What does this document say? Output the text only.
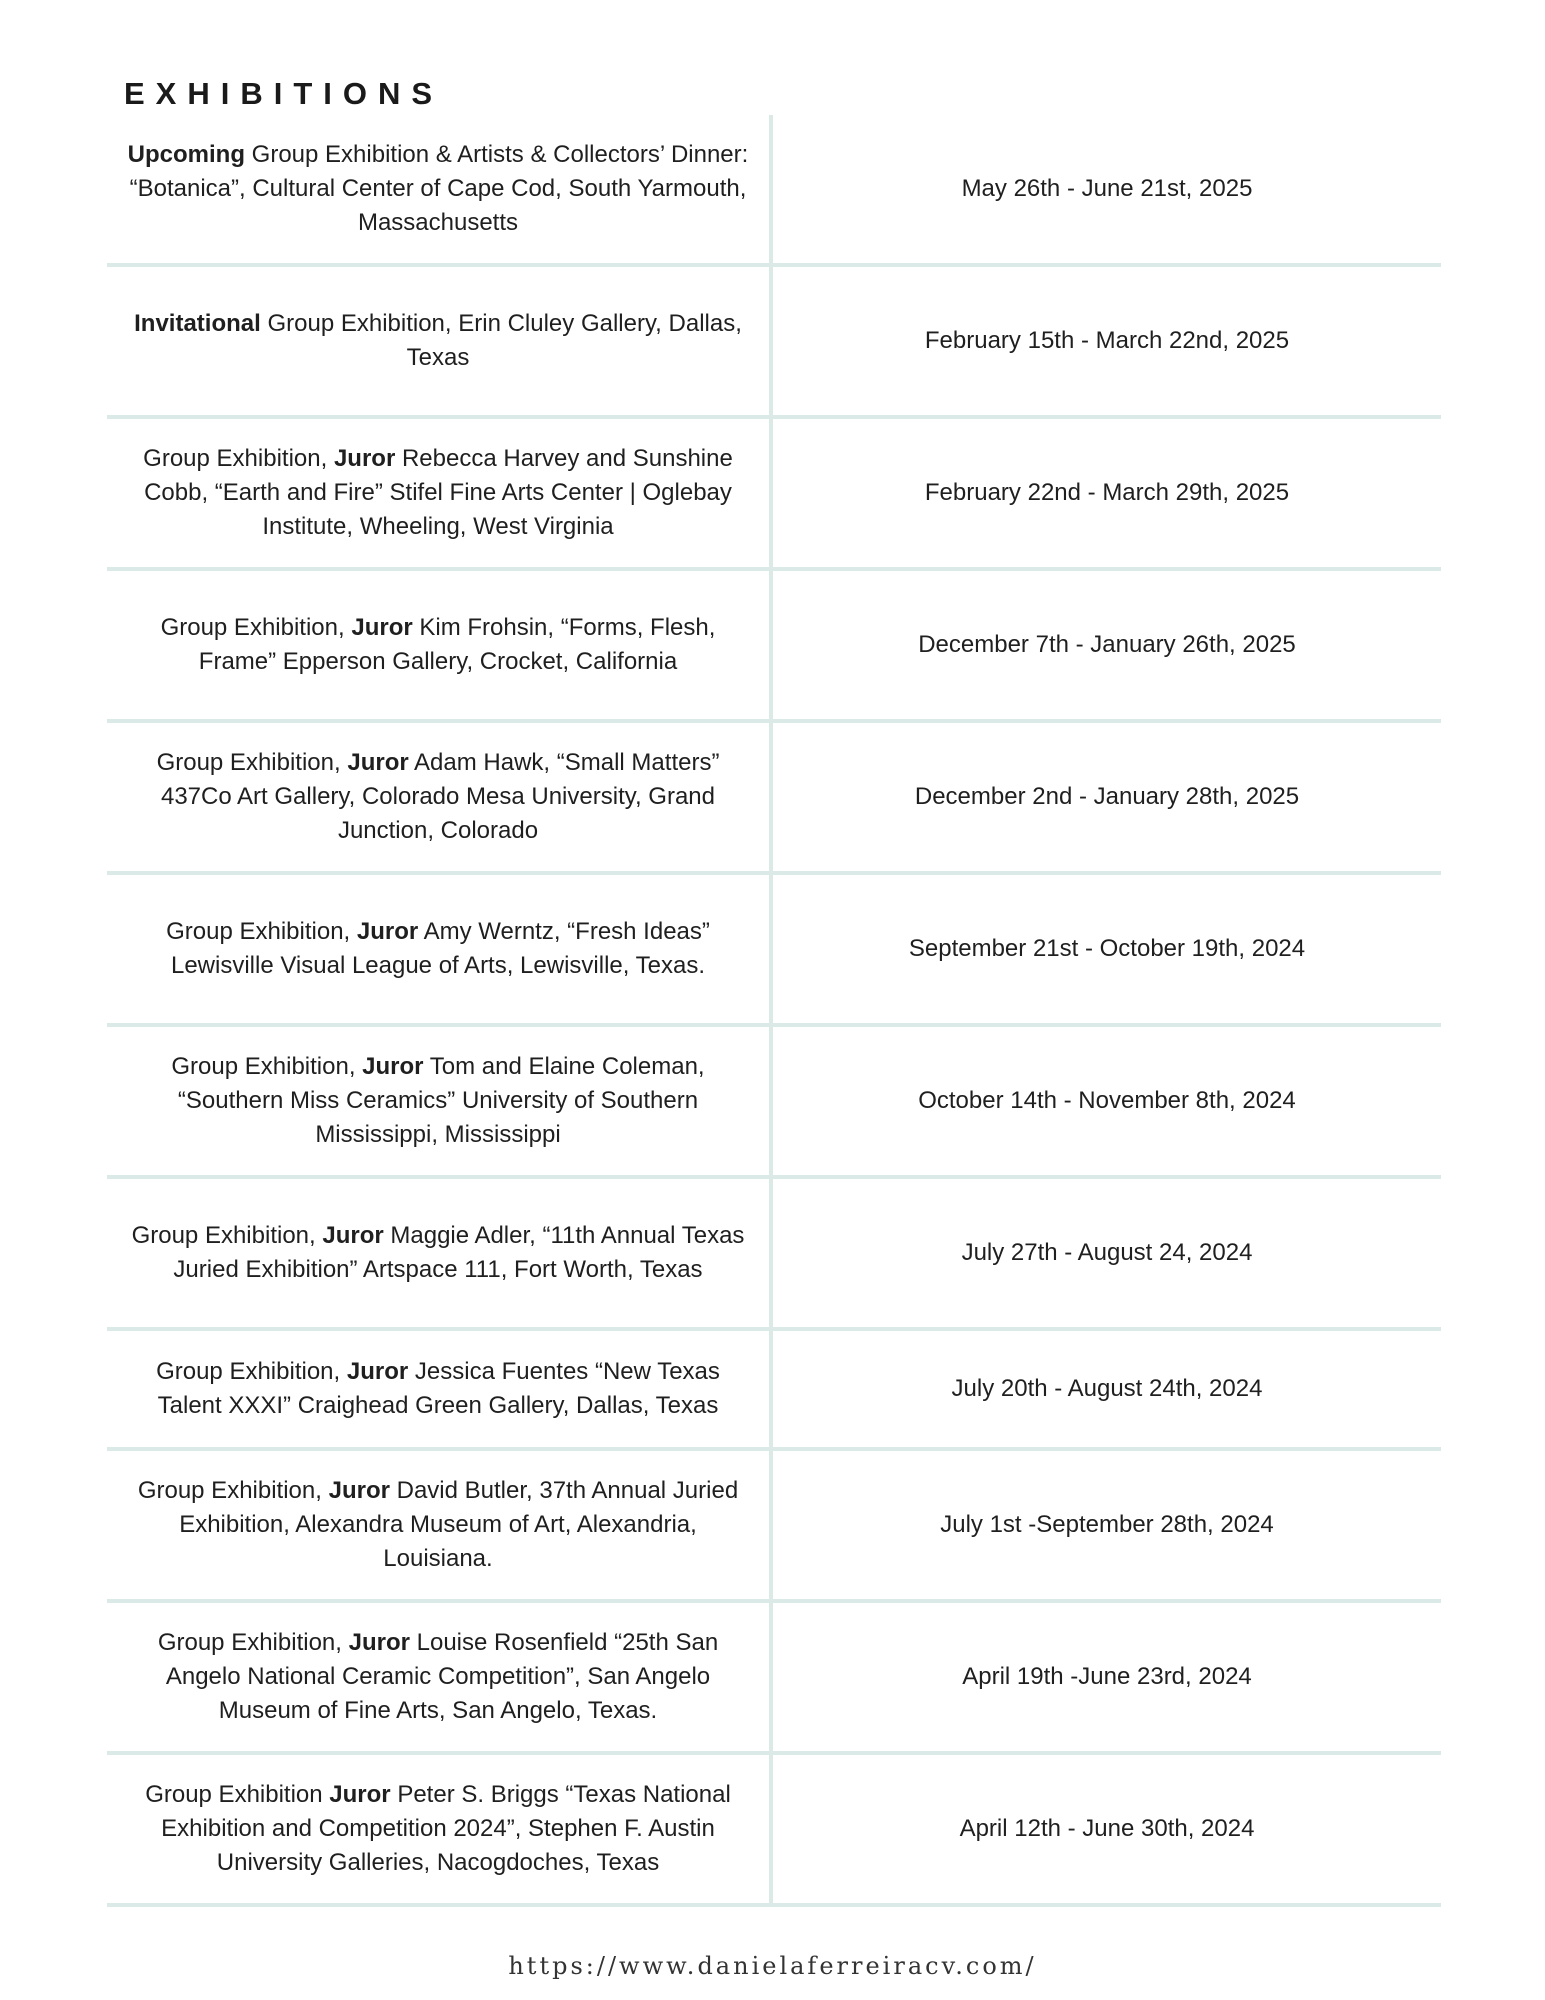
EXHIBITIONS
Upcoming Group Exhibition & Artists & Collectors’ Dinner: “Botanica”, Cultural Center of Cape Cod, South Yarmouth, Massachusetts
May 26th - June 21st, 2025
Invitational Group Exhibition, Erin Cluley Gallery, Dallas, Texas
February 15th - March 22nd, 2025
Group Exhibition, Juror Rebecca Harvey and Sunshine Cobb, “Earth and Fire” Stifel Fine Arts Center | Oglebay Institute, Wheeling, West Virginia
February 22nd - March 29th, 2025
Group Exhibition, Juror Kim Frohsin, “Forms, Flesh, Frame” Epperson Gallery, Crocket, California
December 7th - January 26th, 2025
Group Exhibition, Juror Adam Hawk, “Small Matters” 437Co Art Gallery, Colorado Mesa University, Grand Junction, Colorado
December 2nd - January 28th, 2025
Group Exhibition, Juror Amy Werntz, “Fresh Ideas” Lewisville Visual League of Arts, Lewisville, Texas.
September 21st - October 19th, 2024
Group Exhibition, Juror Tom and Elaine Coleman, “Southern Miss Ceramics” University of Southern Mississippi, Mississippi
October 14th - November 8th, 2024
Group Exhibition, Juror Maggie Adler, “11th Annual Texas Juried Exhibition” Artspace 111, Fort Worth, Texas
July 27th - August 24, 2024
Group Exhibition, Juror Jessica Fuentes “New Texas Talent XXXI” Craighead Green Gallery, Dallas, Texas
July 20th - August 24th, 2024
Group Exhibition, Juror David Butler, 37th Annual Juried Exhibition, Alexandra Museum of Art, Alexandria, Louisiana.
July 1st -September 28th, 2024
Group Exhibition, Juror Louise Rosenfield “25th San Angelo National Ceramic Competition”, San Angelo Museum of Fine Arts, San Angelo, Texas.
April 19th -June 23rd, 2024
Group Exhibition Juror Peter S. Briggs “Texas National Exhibition and Competition 2024”, Stephen F. Austin University Galleries, Nacogdoches, Texas
April 12th - June 30th, 2024
https://www.danielaferreiracv.com/
